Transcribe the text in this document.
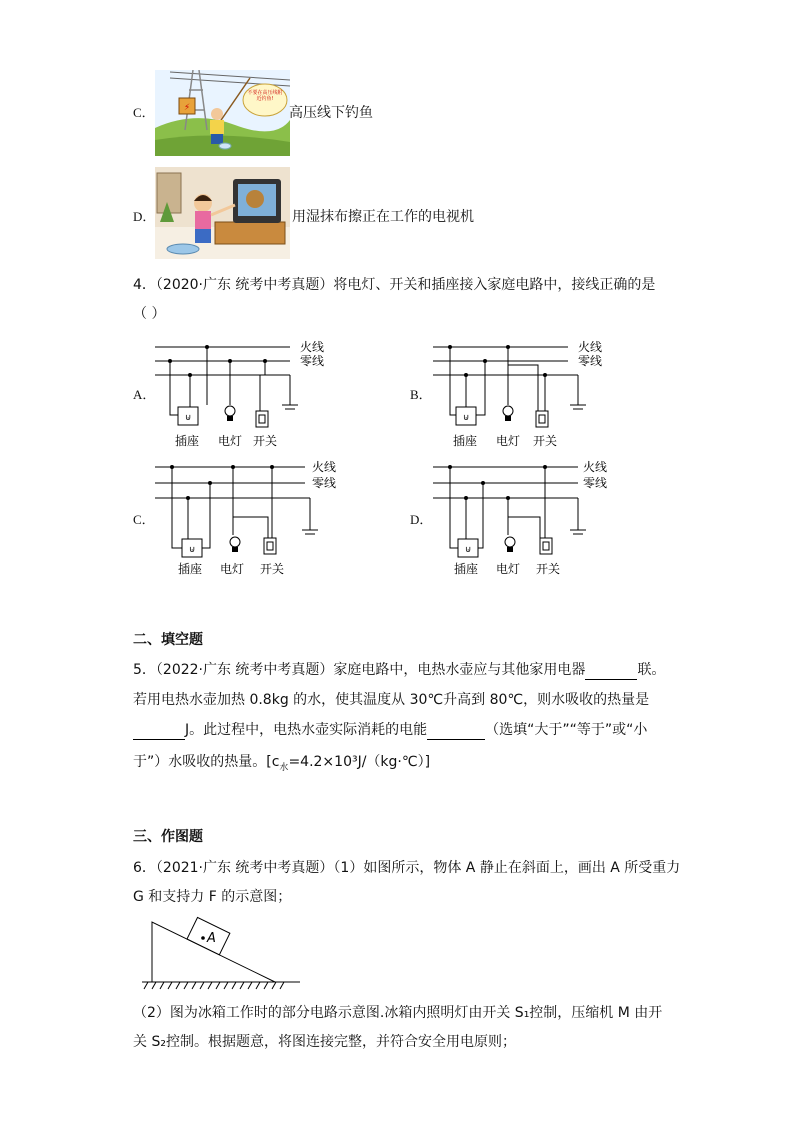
C．	⚡
不要在高压线附近钓鱼!
高压线下钓鱼
D．	用湿抹布擦正在工作的电视机
4．（2020·广东 统考中考真题）将电灯、开关和插座接入家庭电路中，接线正确的是
（ ）
A．
⊍
火线
零线
插座 电灯 开关
B．
⊍
火线
零线
插座 电灯 开关
C．
⊍
火线
零线
插座 电灯 开关
D．
⊍
火线
零线
插座 电灯 开关
二、填空题
5．（2022·广东 统考中考真题）家庭电路中，电热水壶应与其他家用电器	联。
若用电热水壶加热 0.8kg 的水，使其温度从 30℃升高到 80℃，则水吸收的热量是
J。此过程中，电热水壶实际消耗的电能	（选填“大于”“等于”或“小
于”）水吸收的热量。$[c_水=4.2\times 10^3J/(kg\cdot℃)]$
三、作图题
6．（2021·广东 统考中考真题）（1）如图所示，物体 A 静止在斜面上，画出 A 所受重力
G 和支持力 F 的示意图；
A
（2）图为冰箱工作时的部分电路示意图.冰箱内照明灯由开关 S₁控制，压缩机 M 由开
关 S₂控制。根据题意，将图连接完整，并符合安全用电原则；
